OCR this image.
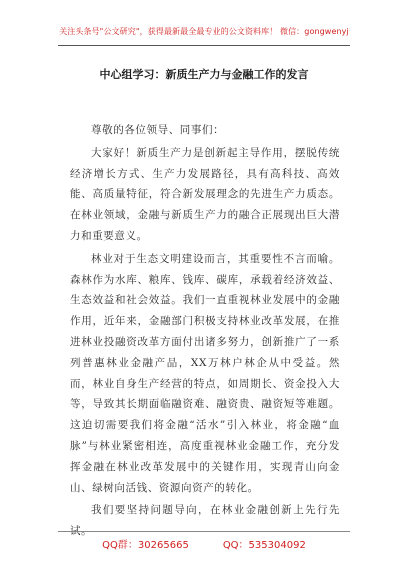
关注头条号"公文研究"，获得最新最全最专业的公文资料库！ 微信：gongwenyj
中心组学习：新质生产力与金融工作的发言

尊敬的各位领导、同事们：

大家好！新质生产力是创新起主导作用，摆脱传统经济增长方式、生产力发展路径，具有高科技、高效能、高质量特征，符合新发展理念的先进生产力质态。在林业领域，金融与新质生产力的融合正展现出巨大潜力和重要意义。

林业对于生态文明建设而言，其重要性不言而喻。森林作为水库、粮库、钱库、碳库，承载着经济效益、生态效益和社会效益。我们一直重视林业发展中的金融作用，近年来，金融部门积极支持林业改革发展，在推进林业投融资改革方面付出诸多努力，创新推广了一系列普惠林业金融产品，XX万林户林企从中受益。然而，林业自身生产经营的特点，如周期长、资金投入大等，导致其长期面临融资难、融资贵、融资短等难题。这迫切需要我们将金融“活水”引入林业，将金融“血脉”与林业紧密相连，高度重视林业金融工作，充分发挥金融在林业改革发展中的关键作用，实现青山向金山、绿树向活钱、资源向资产的转化。

我们要坚持问题导向，在林业金融创新上先行先试。

QQ群：30265665	QQ：535304092
